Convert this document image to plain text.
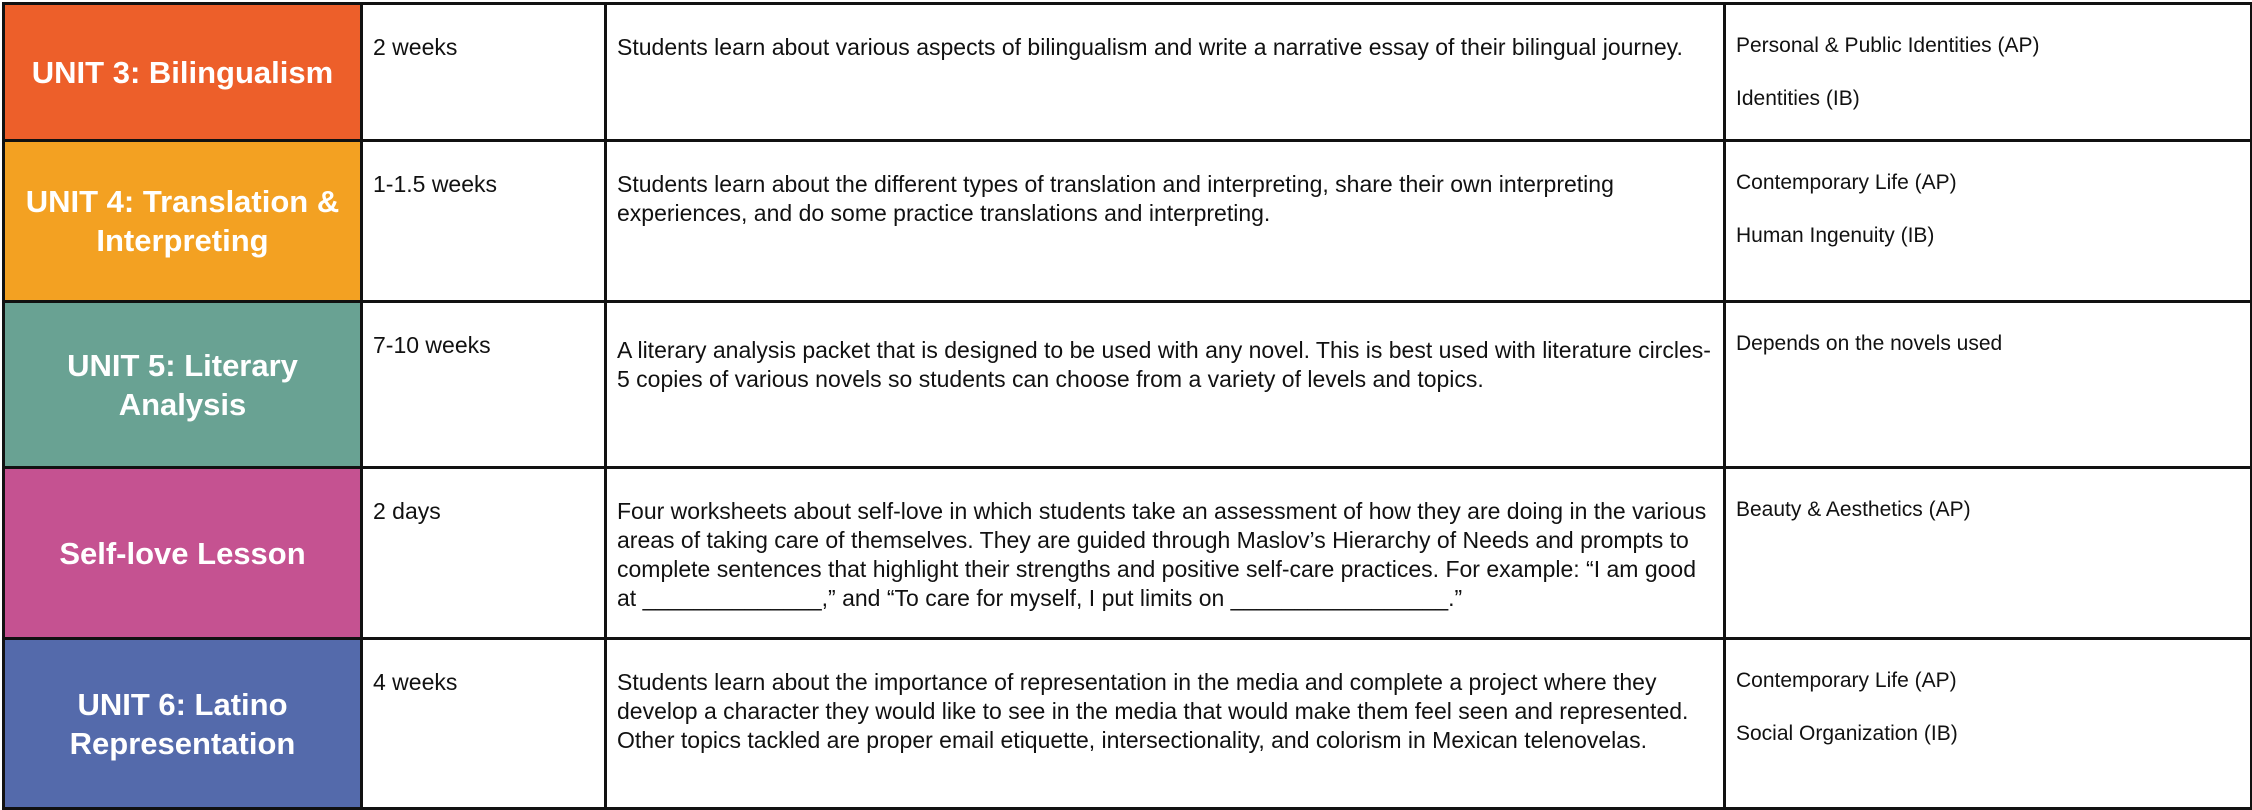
UNIT 3: Bilingualism	2 weeks	Students learn about various aspects of bilingualism and write a narrative essay of their bilingual journey.	Personal & Public Identities (AP)
Identities (IB)

UNIT 4: Translation & Interpreting	1-1.5 weeks	Students learn about the different types of translation and interpreting, share their own interpreting experiences, and do some practice translations and interpreting.	Contemporary Life (AP)
Human Ingenuity (IB)

UNIT 5: Literary Analysis	7-10 weeks	A literary analysis packet that is designed to be used with any novel. This is best used with literature circles- 5 copies of various novels so students can choose from a variety of levels and topics.	Depends on the novels used

Self-love Lesson	2 days	Four worksheets about self-love in which students take an assessment of how they are doing in the various areas of taking care of themselves. They are guided through Maslov’s Hierarchy of Needs and prompts to complete sentences that highlight their strengths and positive self-care practices. For example: “I am good at ______________,” and “To care for myself, I put limits on _________________.”	Beauty & Aesthetics (AP)

UNIT 6: Latino Representation	4 weeks	Students learn about the importance of representation in the media and complete a project where they develop a character they would like to see in the media that would make them feel seen and represented. Other topics tackled are proper email etiquette, intersectionality, and colorism in Mexican telenovelas.	Contemporary Life (AP)
Social Organization (IB)
